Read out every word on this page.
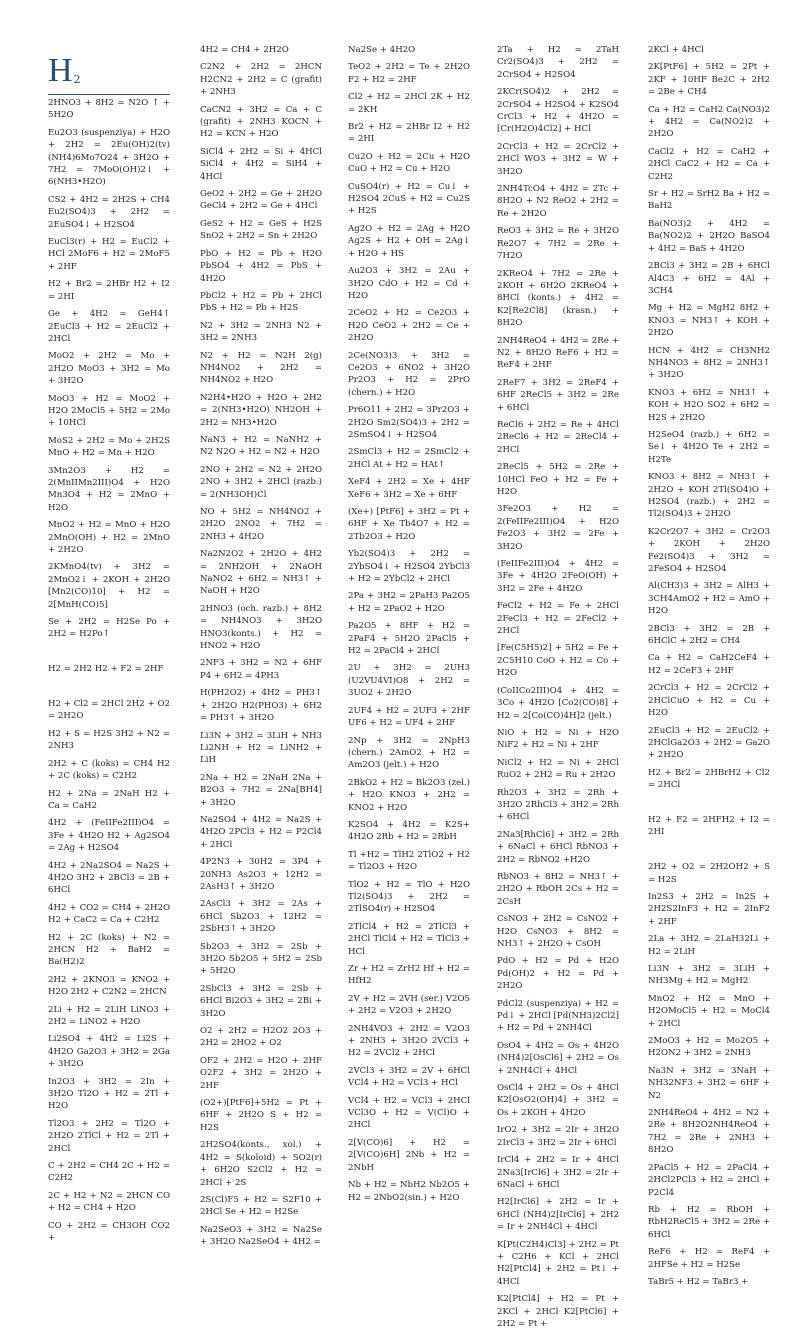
H2

2HNO3 + 8H2 = N2O ↑ + 5H2O

Eu2O3 (suspenziya) + H2O + 2H2 = 2Eu(OH)2(tv) (NH4)6Mo7O24 + 3H2O + 7H2 = 7MoO(OH)2↓ + 6(NH3•H2O)

CS2 + 4H2 = 2H2S + CH4 Eu2(SO4)3 + 2H2 = 2EuSO4↓ + H2SO4

EuCl3(r) + H2 = EuCl2 + HCl 2MoF6 + H2 = 2MoF5 + 2HF

H2 + Br2 = 2HBr H2 + I2 = 2HI

Ge + 4H2 = GeH4↑ 2EuCl3 + H2 = 2EuCl2 + 2HCl

MoO2 + 2H2 = Mo + 2H2O MoO3 + 3H2 = Mo + 3H2O

MoO3 + H2 = MoO2 + H2O 2MoCl5 + 5H2 = 2Mo + 10HCl

MoS2 + 2H2 = Mo + 2H2S MnO + H2 = Mn + H2O

3Mn2O3 + H2 = 2(MnIIMn2III)O4 + H2O Mn3O4 + H2 = 2MnO + H2O

MnO2 + H2 = MnO + H2O 2MnO(OH) + H2 = 2MnO + 2H2O

2KMnO4(tv) + 3H2 = 2MnO2↓ + 2KOH + 2H2O [Mn2(CO)10] + H2 = 2[MnH(CO)5]

Se + 2H2 = H2Se Po + 2H2 = H2Po↑

H2 = 2H2 H2 + F2 = 2HF

H2 + Cl2 = 2HCl 2H2 + O2 = 2H2O

H2 + S = H2S 3H2 + N2 = 2NH3

2H2 + C (koks) = CH4 H2 + 2C (koks) = C2H2

H2 + 2Na = 2NaH H2 + Ca = CaH2

4H2 + (FeIIFe2III)O4 = 3Fe + 4H2O H2 + Ag2SO4 = 2Ag + H2SO4

4H2 + 2Na2SO4 = Na2S + 4H2O 3H2 + 2BCl3 = 2B + 6HCl

4H2 + CO2 = CH4 + 2H2O H2 + CaC2 = Ca + C2H2

H2 + 2C (koks) + N2 = 2HCN H2 + BaH2 = Ba(H2)2

2H2 + 2KNO3 = KNO2 + H2O 2H2 + C2N2 = 2HCN

2Li + H2 = 2LiH LiNO3 + 2H2 = LiNO2 + H2O

Li2SO4 + 4H2 = Li2S + 4H2O Ga2O3 + 3H2 = 2Ga + 3H2O

In2O3 + 3H2 = 2In + 3H2O Tl2O + H2 = 2Tl + H2O

Tl2O3 + 2H2 = Tl2O + 2H2O 2TlCl + H2 = 2Tl + 2HCl

C + 2H2 = CH4 2C + H2 = C2H2

2C + H2 + N2 = 2HCN CO + H2 = CH4 + H2O

CO + 2H2 = CH3OH CO2 +

4H2 = CH4 + 2H2O

C2N2 + 2H2 = 2HCN H2CN2 + 2H2 = C (grafit) + 2NH3

CaCN2 + 3H2 = Ca + C (grafit) + 2NH3 KOCN + H2 = KCN + H2O

SiCl4 + 2H2 = Si + 4HCl SiCl4 + 4H2 = SiH4 + 4HCl

GeO2 + 2H2 = Ge + 2H2O GeCl4 + 2H2 = Ge + 4HCl

GeS2 + H2 = GeS + H2S SnO2 + 2H2 = Sn + 2H2O

PbO + H2 = Pb + H2O PbSO4 + 4H2 = PbS + 4H2O

PbCl2 + H2 = Pb + 2HCl PbS + H2 = Pb + H2S

N2 + 3H2 = 2NH3 N2 + 3H2 = 2NH3

N2 + H2 = N2H 2(g) NH4NO2 + 2H2 = NH4NO2 + H2O

N2H4•H2O + H2O + 2H2 = 2(NH3•H2O) NH2OH + 2H2 = NH3•H2O

NaN3 + H2 = NaNH2 + N2 N2O + H2 = N2 + H2O

2NO + 2H2 = N2 + 2H2O 2NO + 3H2 + 2HCl (razb.) = 2(NH3OH)Cl

NO + 5H2 = NH4NO2 + 2H2O 2NO2 + 7H2 = 2NH3 + 4H2O

Na2N2O2 + 2H2O + 4H2 = 2NH2OH + 2NaOH NaNO2 + 6H2 = NH3↑ + NaOH + H2O

2HNO3 (och. razb.) + 8H2 = NH4NO3 + 3H2O HNO3(konts.) + H2 = HNO2 + H2O

2NF3 + 3H2 = N2 + 6HF P4 + 6H2 = 4PH3

H(PH2O2) + 4H2 = PH3↑ + 2H2O H2(PHO3) + 6H2 = PH3↑ + 3H2O

Li3N + 3H2 = 3LiH + NH3 Li2NH + H2 = LiNH2 + LiH

2Na + H2 = 2NaH 2Na + B2O3 + 7H2 = 2Na[BH4] + 3H2O

Na2SO4 + 4H2 = Na2S + 4H2O 2PCl3 + H2 = P2Cl4 + 2HCl

4P2N3 + 30H2 = 3P4 + 20NH3 As2O3 + 12H2 = 2AsH3↑ + 3H2O

2AsCl3 + 3H2 = 2As + 6HCl Sb2O3 + 12H2 = 2SbH3↑ + 3H2O

Sb2O3 + 3H2 = 2Sb + 3H2O Sb2O5 + 5H2 = 2Sb + 5H2O

2SbCl3 + 3H2 = 2Sb + 6HCl Bi2O3 + 3H2 = 2Bi + 3H2O

O2 + 2H2 = H2O2 2O3 + 2H2 = 2HO2 + O2

OF2 + 2H2 = H2O + 2HF O2F2 + 3H2 = 2H2O + 2HF

(O2+)[PtF6]+5H2 = Pt + 6HF + 2H2O S + H2 = H2S

2H2SO4(konts., xol.) + 4H2 = S(koloid) + SO2(r) + 6H2O S2Cl2 + H2 = 2HCl + 2S

2S(Cl)F5 + H2 = S2F10 + 2HCl Se + H2 = H2Se

Na2SeO3 + 3H2 = Na2Se + 3H2O Na2SeO4 + 4H2 =

Na2Se + 4H2O

TeO2 + 2H2 = Te + 2H2O F2 + H2 = 2HF

Cl2 + H2 = 2HCl 2K + H2 = 2KH

Br2 + H2 = 2HBr I2 + H2 = 2HI

Cu2O + H2 = 2Cu + H2O CuO + H2 = Cu + H2O

CuSO4(r) + H2 = Cu↓ + H2SO4 2CuS + H2 = Cu2S + H2S

Ag2O + H2 = 2Ag + H2O Ag2S + H2 + OH = 2Ag↓ + H2O + HS

Au2O3 + 3H2 = 2Au + 3H2O CdO + H2 = Cd + H2O

2CeO2 + H2 = Ce2O3 + H2O CeO2 + 2H2 = Ce + 2H2O

2Ce(NO3)3 + 3H2 = Ce2O3 + 6NO2 + 3H2O Pr2O3 + H2 = 2PrO (chern.) + H2O

Pr6O11 + 2H2 = 3Pr2O3 + 2H2O Sm2(SO4)3 + 2H2 = 2SmSO4↓ + H2SO4

2SmCl3 + H2 = 2SmCl2 + 2HCl At + H2 = HAt↑

XeF4 + 2H2 = Xe + 4HF XeF6 + 3H2 = Xe + 6HF

(Xe+) [PtF6] + 3H2 = Pt + 6HF + Xe Tb4O7 + H2 = 2Tb2O3 + H2O

Yb2(SO4)3 + 2H2 = 2YbSO4↓ + H2SO4 2YbCl3 + H2 = 2YbCl2 + 2HCl

2Pa + 3H2 = 2PaH3 Pa2O5 + H2 = 2PaO2 + H2O

Pa2O5 + 8HF + H2 = 2PaF4 + 5H2O 2PaCl5 + H2 = 2PaCl4 + 2HCl

2U + 3H2 = 2UH3 (U2VU4VI)O8 + 2H2 = 3UO2 + 2H2O

2UF4 + H2 = 2UF3 + 2HF UF6 + H2 = UF4 + 2HF

2Np + 3H2 = 2NpH3 (chern.) 2AmO2 + H2 = Am2O3 (jelt.) + H2O

2BkO2 + H2 = Bk2O3 (zel.) + H2O KNO3 + 2H2 = KNO2 + H2O

K2SO4 + 4H2 = K2S+ 4H2O 2Rb + H2 = 2RbH

Tl +H2 = TlH2 2TlO2 + H2 = Tl2O3 + H2O

TlO2 + H2 = TlO + H2O Tl2(SO4)3 + 2H2 = 2TlSO4(r) + H2SO4

2TlCl4 + H2 = 2TlCl3 + 2HCl TlCl4 + H2 = TlCl3 + HCl

Zr + H2 = ZrH2 Hf + H2 = HfH2

2V + H2 = 2VH (ser.) V2O5 + 2H2 = V2O3 + 2H2O

2NH4VO3 + 2H2 = V2O3 + 2NH3 + 3H2O 2VCl3 + H2 = 2VCl2 + 2HCl

2VCl3 + 3H2 = 2V + 6HCl VCl4 + H2 = VCl3 + HCl

VCl4 + H2 = VCl3 + 2HCl VCl3O + H2 = V(Cl)O + 2HCl

2[V(CO)6] + H2 = 2[V(CO)6H] 2Nb + H2 = 2NbH

Nb + H2 = NbH2 Nb2O5 + H2 = 2NbO2(sin.) + H2O

2Ta + H2 = 2TaH Cr2(SO4)3 + 2H2 = 2CrSO4 + H2SO4

2KCr(SO4)2 + 2H2 = 2CrSO4 + H2SO4 + K2SO4 CrCl3 + H2 + 4H2O = [Cr(H2O)4Cl2] + HCl

2CrCl3 + H2 = 2CrCl2 + 2HCl WO3 + 3H2 = W + 3H2O

2NH4TcO4 + 4H2 = 2Tc + 8H2O + N2 ReO2 + 2H2 = Re + 2H2O

ReO3 + 3H2 = Re + 3H2O Re2O7 + 7H2 = 2Re + 7H2O

2KReO4 + 7H2 = 2Re + 2KOH + 6H2O 2KReO4 + 8HCl (konts.) + 4H2 = K2[Re2Cl8] (krasn.) + 8H2O

2NH4ReO4 + 4H2 = 2Re + N2 + 8H2O ReF6 + H2 = ReF4 + 2HF

2ReF7 + 3H2 = 2ReF4 + 6HF 2ReCl5 + 3H2 = 2Re + 6HCl

ReCl6 + 2H2 = Re + 4HCl 2ReCl6 + H2 = 2ReCl4 + 2HCl

2ReCl5 + 5H2 = 2Re + 10HCl FeO + H2 = Fe + H2O

3Fe2O3 + H2 = 2(FeIIFe2III)O4 + H2O Fe2O3 + 3H2 = 2Fe + 3H2O

(FeIIFe2III)O4 + 4H2 = 3Fe + 4H2O 2FeO(OH) + 3H2 = 2Fe + 4H2O

FeCl2 + H2 = Fe + 2HCl 2FeCl3 + H2 = 2FeCl2 + 2HCl

[Fe(C5H5)2] + 5H2 = Fe + 2C5H10 CoO + H2 = Co + H2O

(CoIICo2III)O4 + 4H2 = 3Co + 4H2O [Co2(CO)8] + H2 = 2[Co(CO)4H]2 (jelt.)

NiO + H2 = Ni + H2O NiF2 + H2 = Ni + 2HF

NiCl2 + H2 = Ni + 2HCl RuO2 + 2H2 = Ru + 2H2O

Rh2O3 + 3H2 = 2Rh + 3H2O 2RhCl3 + 3H2 = 2Rh + 6HCl

2Na3[RhCl6] + 3H2 = 2Rh + 6NaCl + 6HCl RbNO3 + 2H2 = RbNO2 +H2O

RbNO3 + 8H2 = NH3↑ + 2H2O + RbOH 2Cs + H2 = 2CsH

CsNO3 + 2H2 = CsNO2 + H2O CsNO3 + 8H2 = NH3↑ + 2H2O + CsOH

PdO + H2 = Pd + H2O Pd(OH)2 + H2 = Pd + 2H2O

PdCl2 (suspenziya) + H2 = Pd↓ + 2HCl [Pd(NH3)2Cl2] + H2 = Pd + 2NH4Cl

OsO4 + 4H2 = Os + 4H2O (NH4)2[OsCl6] + 2H2 = Os + 2NH4Cl + 4HCl

OsCl4 + 2H2 = Os + 4HCl K2[OsO2(OH)4] + 3H2 = Os + 2KOH + 4H2O

IrO2 + 3H2 = 2Ir + 3H2O 2IrCl3 + 3H2 = 2Ir + 6HCl

IrCl4 + 2H2 = Ir + 4HCl 2Na3[IrCl6] + 3H2 = 2Ir + 6NaCl + 6HCl

H2[IrCl6] + 2H2 = Ir + 6HCl (NH4)2[IrCl6] + 2H2 = Ir + 2NH4Cl + 4HCl

K[Pt(C2H4)Cl3] + 2H2 = Pt + C2H6 + KCl + 2HCl H2[PtCl4] + 2H2 = Pt↓ + 4HCl

K2[PtCl4] + H2 = Pt + 2KCl + 2HCl K2[PtCl6] + 2H2 = Pt +

2KCl + 4HCl

2K[PtF6] + 5H2 = 2Pt + 2KF + 10HF Be2C + 2H2 = 2Be + CH4

Ca + H2 = CaH2 Ca(NO3)2 + 4H2 = Ca(NO2)2 + 2H2O

CaCl2 + H2 = CaH2 + 2HCl CaC2 + H2 = Ca + C2H2

Sr + H2 = SrH2 Ba + H2 = BaH2

Ba(NO3)2 + 4H2 = Ba(NO2)2 + 2H2O BaSO4 + 4H2 = BaS + 4H2O

2BCl3 + 3H2 = 2B + 6HCl Al4C3 + 6H2 = 4Al + 3CH4

Mg + H2 = MgH2 8H2 + KNO3 = NH3↑ + KOH + 2H2O

HCN + 4H2 = CH3NH2 NH4NO3 + 8H2 = 2NH3↑ + 3H2O

KNO3 + 6H2 = NH3↑ + KOH + H2O SO2 + 6H2 = H2S + 2H2O

H2SeO4 (razb.) + 6H2 = Se↓ + 4H2O Te + 2H2 = H2Te

KNO3 + 8H2 = NH3↑ + 2H2O + KOH 2Tl(SO4)O + H2SO4 (razb.) + 2H2 = Tl2(SO4)3 + 2H2O

K2Cr2O7 + 3H2 = Cr2O3 + 2KOH + 2H2O Fe2(SO4)3 + 3H2 = 2FeSO4 + H2SO4

Al(CH3)3 + 3H2 = AlH3 + 3CH4AmO2 + H2 = AmO + H2O

2BCl3 + 3H2 = 2B + 6HClC + 2H2 = CH4

Ca + H2 = CaH2CeF4 + H2 = 2CeF3 + 2HF

2CrCl3 + H2 = 2CrCl2 + 2HClCuO + H2 = Cu + H2O

2EuCl3 + H2 = 2EuCl2 + 2HClGa2O3 + 2H2 = Ga2O + 2H2O

H2 + Br2 = 2HBrH2 + Cl2 = 2HCl

H2 + F2 = 2HFH2 + I2 = 2HI

2H2 + O2 = 2H2OH2 + S = H2S

In2S3 + 2H2 = In2S + 2H2S2InF3 + H2 = 2InF2 + 2HF

2La + 3H2 = 2LaH32Li + H2 = 2LiH

Li3N + 3H2 = 3LiH + NH3Mg + H2 = MgH2

MnO2 + H2 = MnO + H2OMoCl5 + H2 = MoCl4 + 2HCl

2MoO3 + H2 = Mo2O5 + H2ON2 + 3H2 = 2NH3

Na3N + 3H2 = 3NaH + NH32NF3 + 3H2 = 6HF + N2

2NH4ReO4 + 4H2 = N2 + 2Re + 8H2O2NH4ReO4 + 7H2 = 2Re + 2NH3 + 8H2O

2PaCl5 + H2 = 2PaCl4 + 2HCl2PCl3 + H2 = 2HCl + P2Cl4

Rb + H2 = RbOH + RbH2ReCl5 + 3H2 = 2Re + 6HCl

ReF6 + H2 = ReF4 + 2HFSe + H2 = H2Se

TaBr5 + H2 = TaBr3 +
